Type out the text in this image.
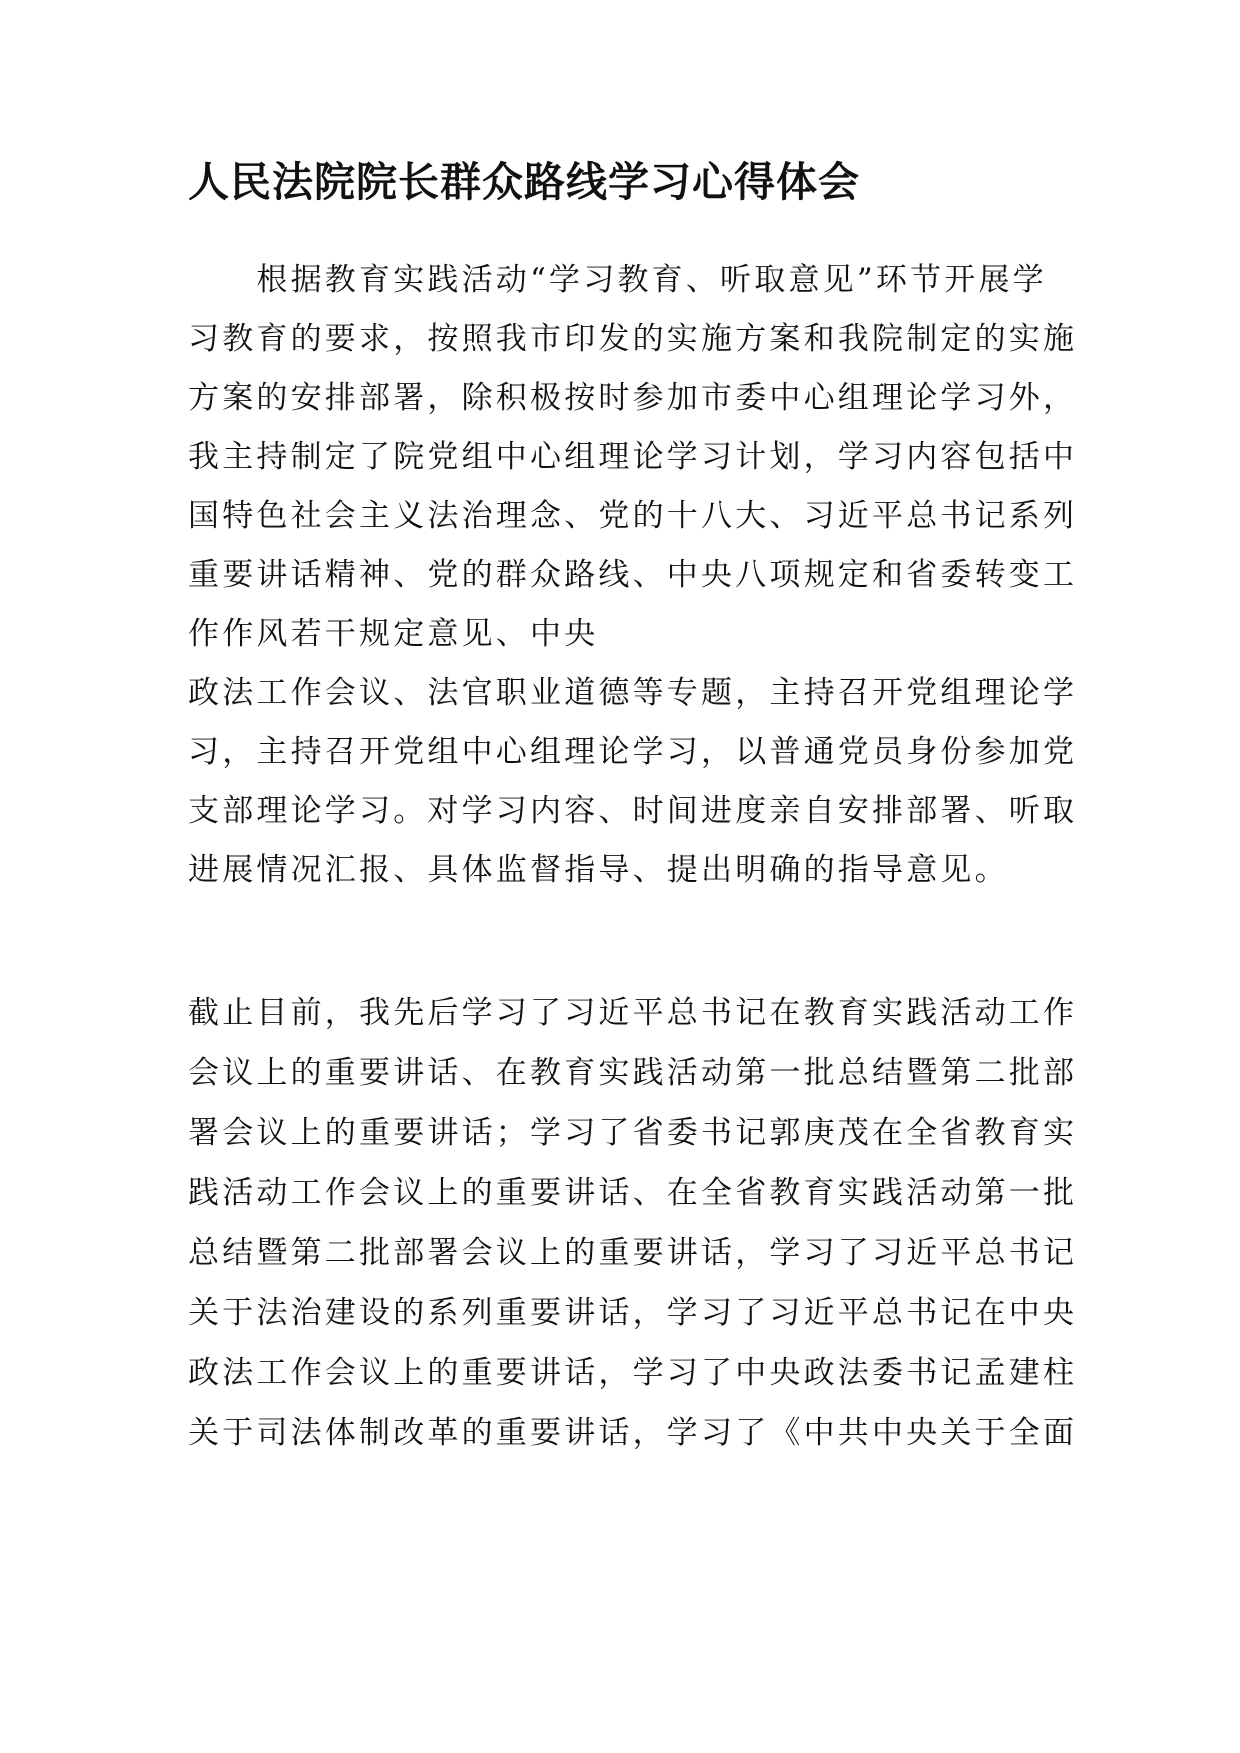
人民法院院长群众路线学习心得体会

　　根据教育实践活动“学习教育、听取意见”环节开展学

习教育的要求，按照我市印发的实施方案和我院制定的实施

方案的安排部署，除积极按时参加市委中心组理论学习外，

我主持制定了院党组中心组理论学习计划，学习内容包括中

国特色社会主义法治理念、党的十八大、习近平总书记系列

重要讲话精神、党的群众路线、中央八项规定和省委转变工

作作风若干规定意见、中央

政法工作会议、法官职业道德等专题，主持召开党组理论学

习，主持召开党组中心组理论学习，以普通党员身份参加党

支部理论学习。对学习内容、时间进度亲自安排部署、听取

进展情况汇报、具体监督指导、提出明确的指导意见。

截止目前，我先后学习了习近平总书记在教育实践活动工作

会议上的重要讲话、在教育实践活动第一批总结暨第二批部

署会议上的重要讲话；学习了省委书记郭庚茂在全省教育实

践活动工作会议上的重要讲话、在全省教育实践活动第一批

总结暨第二批部署会议上的重要讲话，学习了习近平总书记

关于法治建设的系列重要讲话，学习了习近平总书记在中央

政法工作会议上的重要讲话，学习了中央政法委书记孟建柱

关于司法体制改革的重要讲话，学习了《中共中央关于全面
